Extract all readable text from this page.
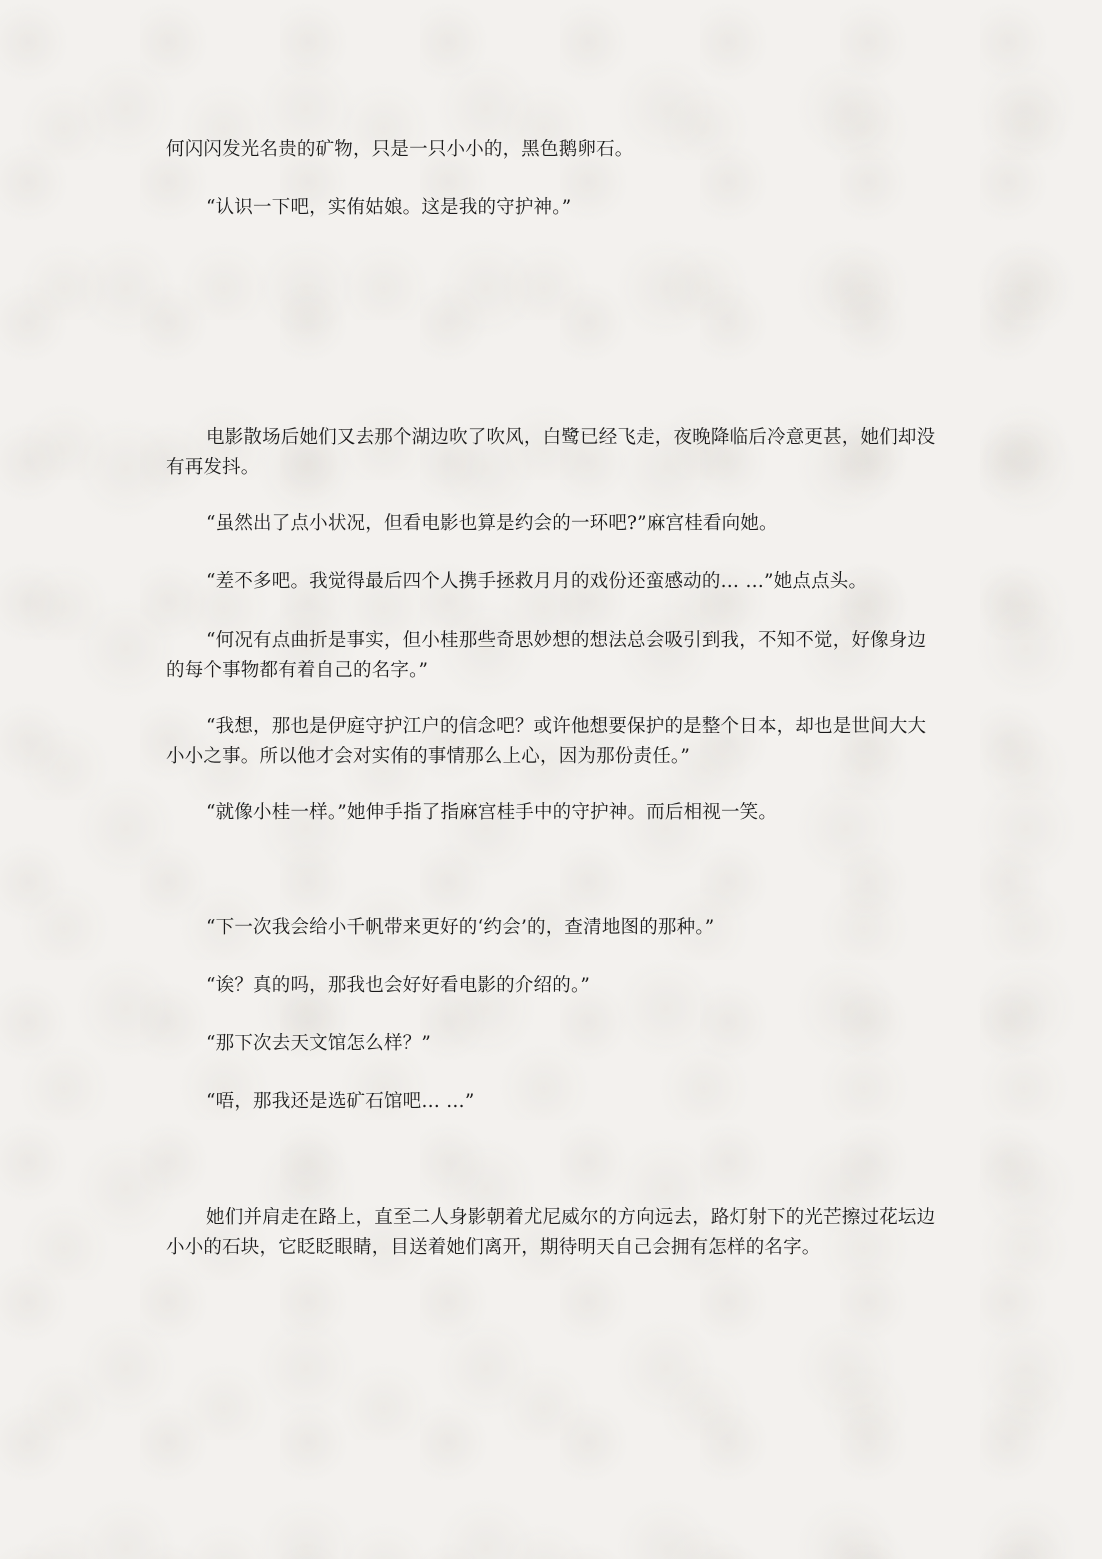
何闪闪发光名贵的矿物，只是一只小小的，黑色鹅卵石。

“认识一下吧，实侑姑娘。这是我的守护神。”

电影散场后她们又去那个湖边吹了吹风，白鹭已经飞走，夜晚降临后冷意更甚，她们却没有再发抖。

“虽然出了点小状况，但看电影也算是约会的一环吧?”麻宫桂看向她。

“差不多吧。我觉得最后四个人携手拯救月月的戏份还蛮感动的… …”她点点头。

“何况有点曲折是事实，但小桂那些奇思妙想的想法总会吸引到我，不知不觉，好像身边的每个事物都有着自己的名字。”

“我想，那也是伊庭守护江户的信念吧？或许他想要保护的是整个日本，却也是世间大大小小之事。所以他才会对实侑的事情那么上心，因为那份责任。”

“就像小桂一样。”她伸手指了指麻宫桂手中的守护神。而后相视一笑。

“下一次我会给小千帆带来更好的‘约会’的，查清地图的那种。”

“诶？真的吗，那我也会好好看电影的介绍的。”

“那下次去天文馆怎么样？”

“唔，那我还是选矿石馆吧… …”

她们并肩走在路上，直至二人身影朝着尤尼威尔的方向远去，路灯射下的光芒擦过花坛边小小的石块，它眨眨眼睛，目送着她们离开，期待明天自己会拥有怎样的名字。
